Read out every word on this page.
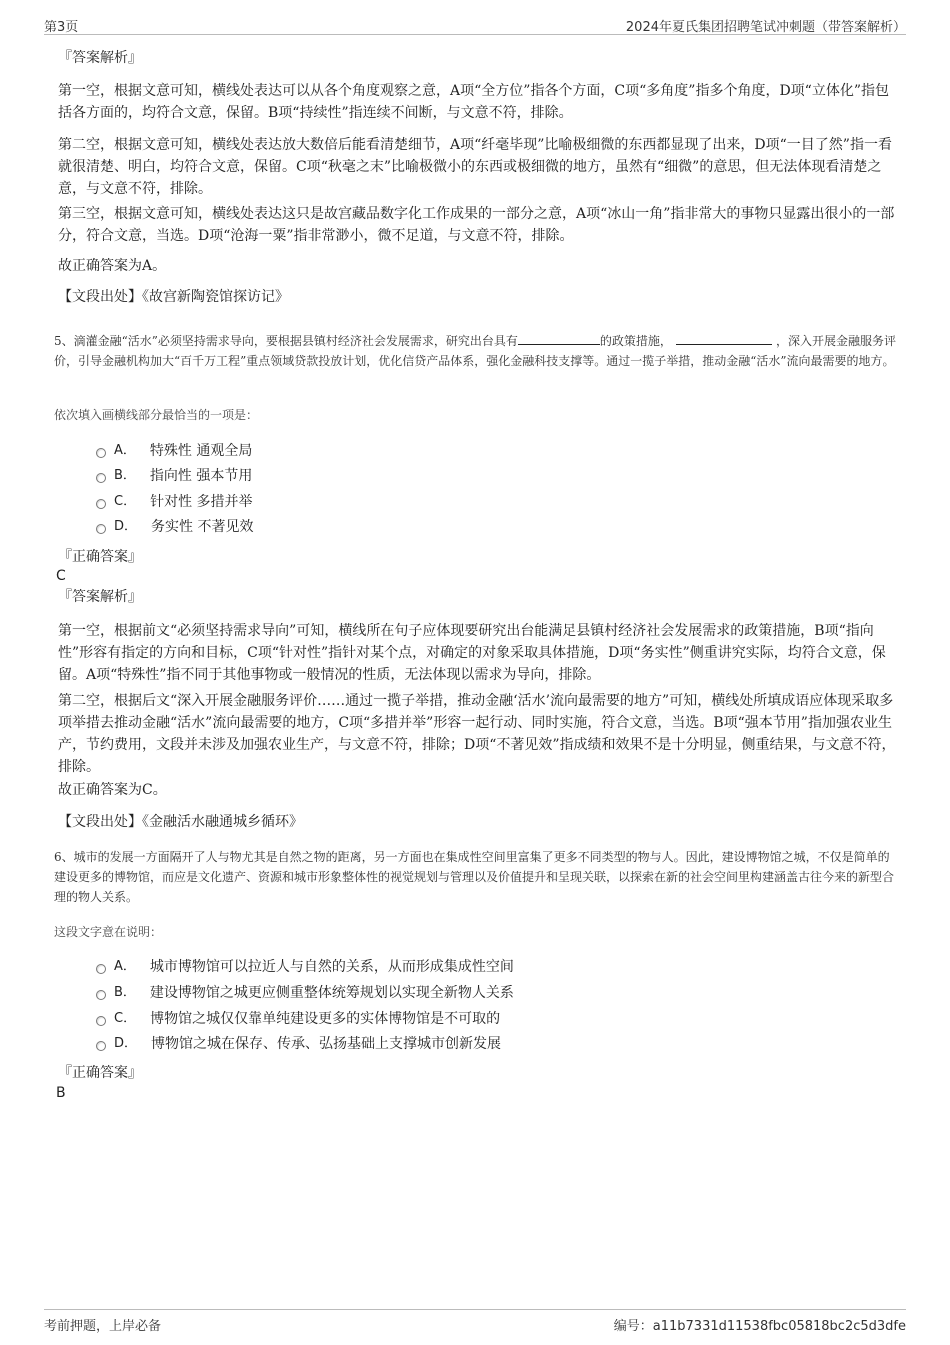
第3页	2024年夏氏集团招聘笔试冲刺题（带答案解析）
『答案解析』
第一空，根据文意可知，横线处表达可以从各个角度观察之意，A项“全方位”指各个方面，C项“多角度”指多个角度，D项“立体化”指包括各方面的，均符合文意，保留。B项“持续性”指连续不间断，与文意不符，排除。
第二空，根据文意可知，横线处表达放大数倍后能看清楚细节，A项“纤毫毕现”比喻极细微的东西都显现了出来，D项“一目了然”指一看就很清楚、明白，均符合文意，保留。C项“秋毫之末”比喻极微小的东西或极细微的地方，虽然有“细微”的意思，但无法体现看清楚之意，与文意不符，排除。
第三空，根据文意可知，横线处表达这只是故宫藏品数字化工作成果的一部分之意，A项“冰山一角”指非常大的事物只显露出很小的一部分，符合文意，当选。D项“沧海一粟”指非常渺小，微不足道，与文意不符，排除。
故正确答案为A。
【文段出处】《故宫新陶瓷馆探访记》
5、滴灌金融“活水”必须坚持需求导向，要根据县镇村经济社会发展需求，研究出台具有	的政策措施，	，深入开展金融服务评价，引导金融机构加大“百千万工程”重点领域贷款投放计划，优化信贷产品体系，强化金融科技支撑等。通过一揽子举措，推动金融“活水”流向最需要的地方。
依次填入画横线部分最恰当的一项是：
A． 特殊性 通观全局
B． 指向性 强本节用
C． 针对性 多措并举
D． 务实性 不著见效
『正确答案』
C
『答案解析』
第一空，根据前文“必须坚持需求导向”可知，横线所在句子应体现要研究出台能满足县镇村经济社会发展需求的政策措施，B项“指向性”形容有指定的方向和目标，C项“针对性”指针对某个点，对确定的对象采取具体措施，D项“务实性”侧重讲究实际，均符合文意，保留。A项“特殊性”指不同于其他事物或一般情况的性质，无法体现以需求为导向，排除。
第二空，根据后文“深入开展金融服务评价……通过一揽子举措，推动金融‘活水’流向最需要的地方”可知，横线处所填成语应体现采取多项举措去推动金融“活水”流向最需要的地方，C项“多措并举”形容一起行动、同时实施，符合文意，当选。B项“强本节用”指加强农业生产，节约费用，文段并未涉及加强农业生产，与文意不符，排除；D项“不著见效”指成绩和效果不是十分明显，侧重结果，与文意不符，排除。
故正确答案为C。
【文段出处】《金融活水融通城乡循环》
6、城市的发展一方面隔开了人与物尤其是自然之物的距离，另一方面也在集成性空间里富集了更多不同类型的物与人。因此，建设博物馆之城，不仅是简单的建设更多的博物馆，而应是文化遗产、资源和城市形象整体性的视觉规划与管理以及价值提升和呈现关联，以探索在新的社会空间里构建涵盖古往今来的新型合理的物人关系。
这段文字意在说明：
A． 城市博物馆可以拉近人与自然的关系，从而形成集成性空间
B． 建设博物馆之城更应侧重整体统筹规划以实现全新物人关系
C． 博物馆之城仅仅靠单纯建设更多的实体博物馆是不可取的
D． 博物馆之城在保存、传承、弘扬基础上支撑城市创新发展
『正确答案』
B
考前押题，上岸必备	编号：a11b7331d11538fbc05818bc2c5d3dfe
